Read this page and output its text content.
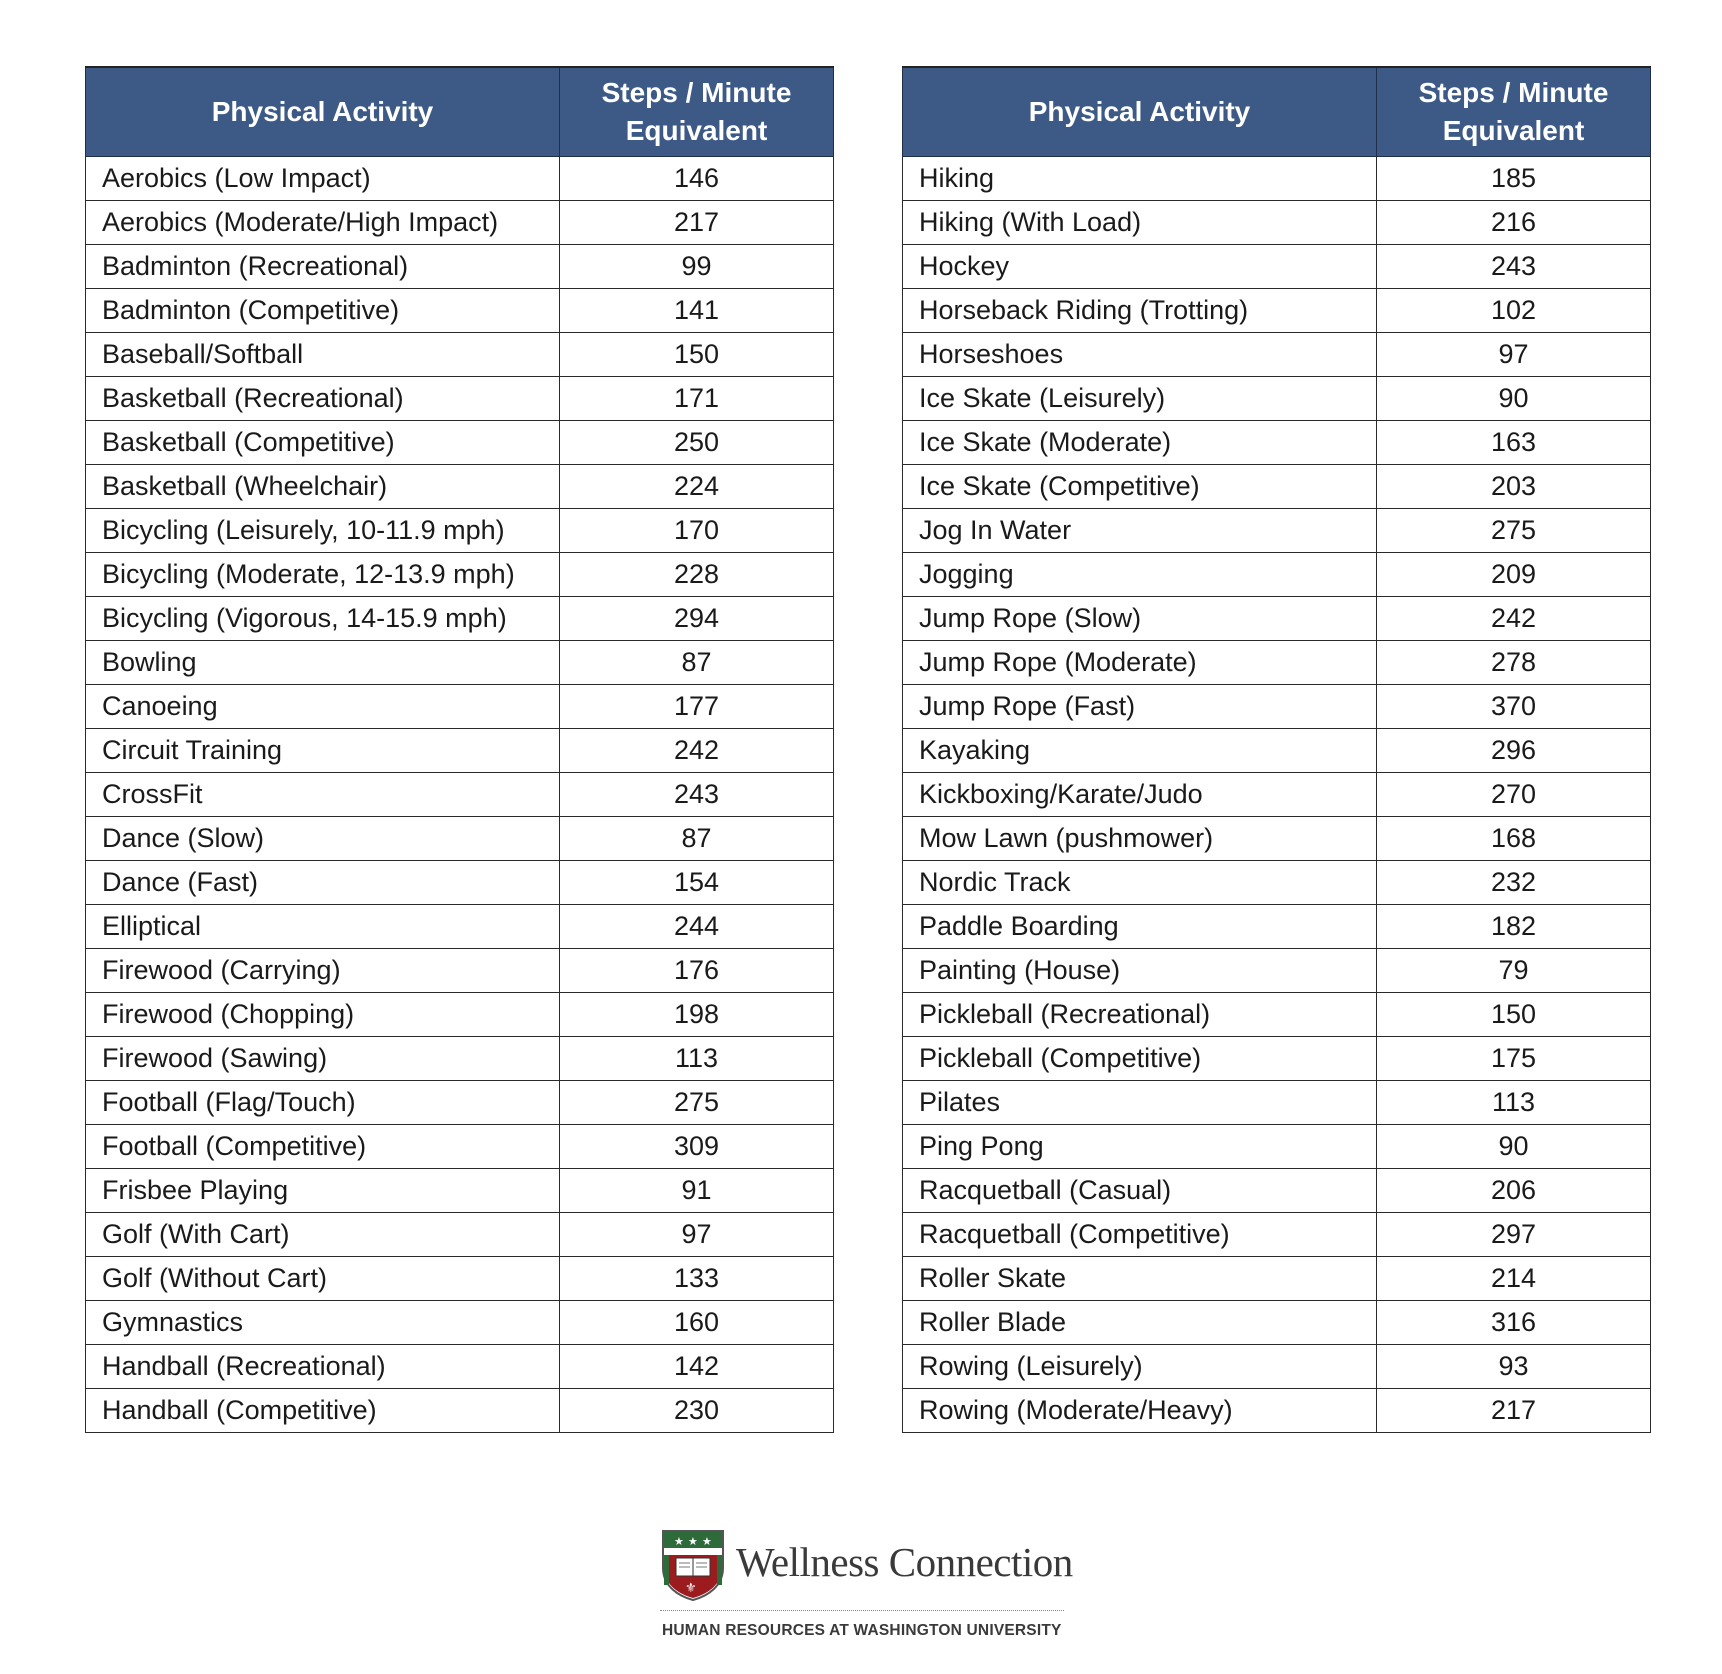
Physical Activity	Steps / Minute
Equivalent
Aerobics (Low Impact)	146
Aerobics (Moderate/High Impact)	217
Badminton (Recreational)	99
Badminton (Competitive)	141
Baseball/Softball	150
Basketball (Recreational)	171
Basketball (Competitive)	250
Basketball (Wheelchair)	224
Bicycling (Leisurely, 10-11.9 mph)	170
Bicycling (Moderate, 12-13.9 mph)	228
Bicycling (Vigorous, 14-15.9 mph)	294
Bowling	87
Canoeing	177
Circuit Training	242
CrossFit	243
Dance (Slow)	87
Dance (Fast)	154
Elliptical	244
Firewood (Carrying)	176
Firewood (Chopping)	198
Firewood (Sawing)	113
Football (Flag/Touch)	275
Football (Competitive)	309
Frisbee Playing	91
Golf (With Cart)	97
Golf (Without Cart)	133
Gymnastics	160
Handball (Recreational)	142
Handball (Competitive)	230
Physical Activity	Steps / Minute
Equivalent
Hiking	185
Hiking (With Load)	216
Hockey	243
Horseback Riding (Trotting)	102
Horseshoes	97
Ice Skate (Leisurely)	90
Ice Skate (Moderate)	163
Ice Skate (Competitive)	203
Jog In Water	275
Jogging	209
Jump Rope (Slow)	242
Jump Rope (Moderate)	278
Jump Rope (Fast)	370
Kayaking	296
Kickboxing/Karate/Judo	270
Mow Lawn (pushmower)	168
Nordic Track	232
Paddle Boarding	182
Painting (House)	79
Pickleball (Recreational)	150
Pickleball (Competitive)	175
Pilates	113
Ping Pong	90
Racquetball (Casual)	206
Racquetball (Competitive)	297
Roller Skate	214
Roller Blade	316
Rowing (Leisurely)	93
Rowing (Moderate/Heavy)	217
★ ★ ★
⚜
Wellness Connection
HUMAN RESOURCES AT WASHINGTON UNIVERSITY
